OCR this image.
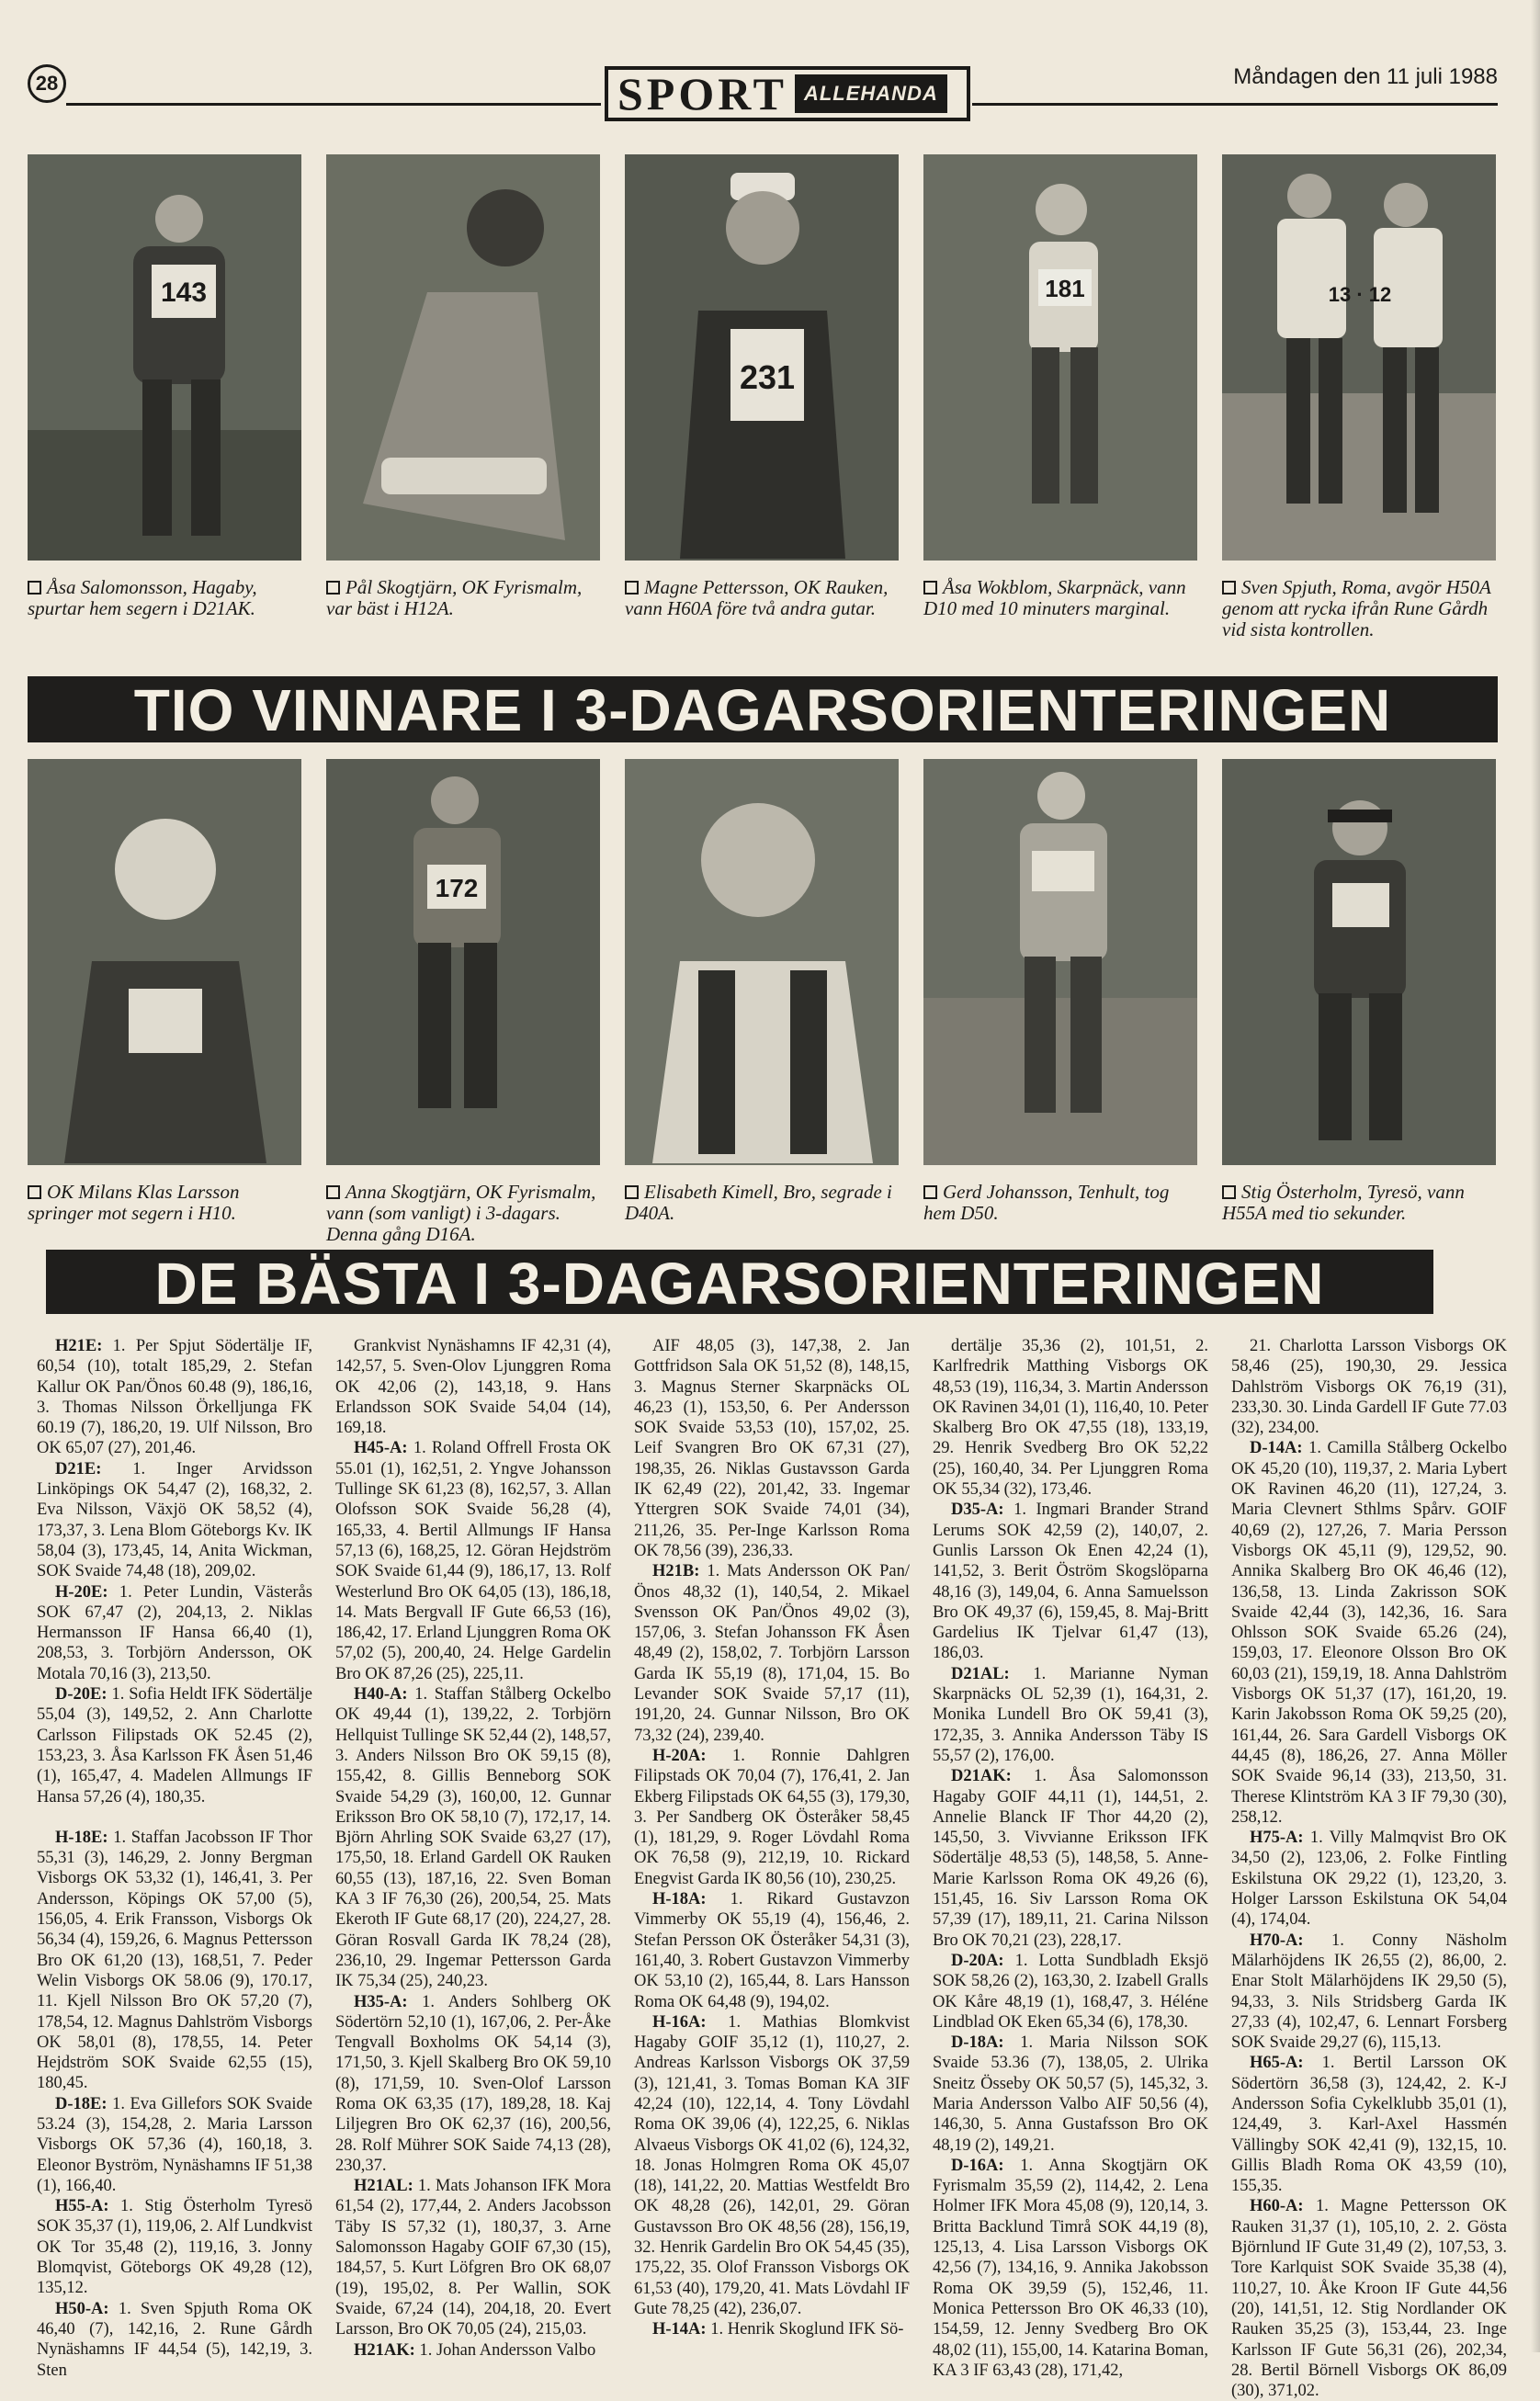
28	SPORT ALLEHANDA
Måndagen den 11 juli 1988
143
Åsa Salomonsson, Hagaby, spurtar hem segern i D21AK.
Pål Skogtjärn, OK Fyrismalm, var bäst i H12A.
231
Magne Pettersson, OK Rauken, vann H60A före två andra gutar.
181
Åsa Wokblom, Skarpnäck, vann D10 med 10 minuters marginal.
13 · 12
Sven Spjuth, Roma, avgör H50A genom att rycka ifrån Rune Gårdh vid sista kontrollen.
TIO VINNARE I 3-DAGARSORIENTERINGEN
OK Milans Klas Larsson springer mot segern i H10.
172
Anna Skogtjärn, OK Fyrismalm, vann (som vanligt) i 3-dagars. Denna gång D16A.
Elisabeth Kimell, Bro, segrade i D40A.
Gerd Johansson, Tenhult, tog hem D50.
Stig Österholm, Tyresö, vann H55A med tio sekunder.
DE BÄSTA I 3-DAGARSORIENTERINGEN

H21E: 1. Per Spjut Södertälje IF, 60,54 (10), totalt 185,29, 2. Stefan Kallur OK Pan/Önos 60.48 (9), 186,16, 3. Thomas Nilsson Örkelljunga FK 60.19 (7), 186,20, 19. Ulf Nilsson, Bro OK 65,07 (27), 201,46.

D21E: 1. Inger Arvidsson Linköpings OK 54,47 (2), 168,32, 2. Eva Nilsson, Växjö OK 58,52 (4), 173,37, 3. Lena Blom Göteborgs Kv. IK 58,04 (3), 173,45, 14, Anita Wickman, SOK Svaide 74,48 (18), 209,02.

H-20E: 1. Peter Lundin, Västerås SOK 67,47 (2), 204,13, 2. Niklas Hermansson IF Hansa 66,40 (1), 208,53, 3. Torbjörn Andersson, OK Motala 70,16 (3), 213,50.

D-20E: 1. Sofia Heldt IFK Södertälje 55,04 (3), 149,52, 2. Ann Charlotte Carlsson Filipstads OK 52.45 (2), 153,23, 3. Åsa Karlsson FK Åsen 51,46 (1), 165,47, 4. Madelen Allmungs IF Hansa 57,26 (4), 180,35.

H-18E: 1. Staffan Jacobsson IF Thor 55,31 (3), 146,29, 2. Jonny Bergman Visborgs OK 53,32 (1), 146,41, 3. Per Andersson, Köpings OK 57,00 (5), 156,05, 4. Erik Fransson, Visborgs Ok 56,34 (4), 159,26, 6. Magnus Pettersson Bro OK 61,20 (13), 168,51, 7. Peder Welin Visborgs OK 58.06 (9), 170.17, 11. Kjell Nilsson Bro OK 57,20 (7), 178,54, 12. Magnus Dahlström Visborgs OK 58,01 (8), 178,55, 14. Peter Hejdström SOK Svaide 62,55 (15), 180,45.

D-18E: 1. Eva Gillefors SOK Svaide 53.24 (3), 154,28, 2. Maria Larsson Visborgs OK 57,36 (4), 160,18, 3. Eleonor Byström, Nynäshamns IF 51,38 (1), 166,40.

H55-A: 1. Stig Österholm Tyresö SOK 35,37 (1), 119,06, 2. Alf Lundkvist OK Tor 35,48 (2), 119,16, 3. Jonny Blomqvist, Göteborgs OK 49,28 (12), 135,12.

H50-A: 1. Sven Spjuth Roma OK 46,40 (7), 142,16, 2. Rune Gårdh Nynäshamns IF 44,54 (5), 142,19, 3. Sten

Grankvist Nynäshamns IF 42,31 (4), 142,57, 5. Sven-Olov Ljunggren Roma OK 42,06 (2), 143,18, 9. Hans Erlandsson SOK Svaide 54,04 (14), 169,18.

H45-A: 1. Roland Offrell Frosta OK 55.01 (1), 162,51, 2. Yngve Johansson Tullinge SK 61,23 (8), 162,57, 3. Allan Olofsson SOK Svaide 56,28 (4), 165,33, 4. Bertil Allmungs IF Hansa 57,13 (6), 168,25, 12. Göran Hejdström SOK Svaide 61,44 (9), 186,17, 13. Rolf Westerlund Bro OK 64,05 (13), 186,18, 14. Mats Bergvall IF Gute 66,53 (16), 186,42, 17. Erland Ljunggren Roma OK 57,02 (5), 200,40, 24. Helge Gardelin Bro OK 87,26 (25), 225,11.

H40-A: 1. Staffan Stålberg Ockelbo OK 49,44 (1), 139,22, 2. Torbjörn Hellquist Tullinge SK 52,44 (2), 148,57, 3. Anders Nilsson Bro OK 59,15 (8), 155,42, 8. Gillis Benneborg SOK Svaide 54,29 (3), 160,00, 12. Gunnar Eriksson Bro OK 58,10 (7), 172,17, 14. Björn Ahrling SOK Svaide 63,27 (17), 175,50, 18. Erland Gardell OK Rauken 60,55 (13), 187,16, 22. Sven Boman KA 3 IF 76,30 (26), 200,54, 25. Mats Ekeroth IF Gute 68,17 (20), 224,27, 28. Göran Rosvall Garda IK 78,24 (28), 236,10, 29. Ingemar Pettersson Garda IK 75,34 (25), 240,23.

H35-A: 1. Anders Sohlberg OK Södertörn 52,10 (1), 167,06, 2. Per-Åke Tengvall Boxholms OK 54,14 (3), 171,50, 3. Kjell Skalberg Bro OK 59,10 (8), 171,59, 10. Sven-Olof Larsson Roma OK 63,35 (17), 189,28, 18. Kaj Liljegren Bro OK 62,37 (16), 200,56, 28. Rolf Mührer SOK Saide 74,13 (28), 230,37.

H21AL: 1. Mats Johanson IFK Mora 61,54 (2), 177,44, 2. Anders Jacobsson Täby IS 57,32 (1), 180,37, 3. Arne Salomonsson Hagaby GOIF 67,30 (15), 184,57, 5. Kurt Löfgren Bro OK 68,07 (19), 195,02, 8. Per Wallin, SOK Svaide, 67,24 (14), 204,18, 20. Evert Larsson, Bro OK 70,05 (24), 215,03.

H21AK: 1. Johan Andersson Valbo

AIF 48,05 (3), 147,38, 2. Jan Gottfridson Sala OK 51,52 (8), 148,15, 3. Magnus Sterner Skarpnäcks OL 46,23 (1), 153,50, 6. Per Andersson SOK Svaide 53,53 (10), 157,02, 25. Leif Svangren Bro OK 67,31 (27), 198,35, 26. Niklas Gustavsson Garda IK 62,49 (22), 201,42, 33. Ingemar Yttergren SOK Svaide 74,01 (34), 211,26, 35. Per-Inge Karlsson Roma OK 78,56 (39), 236,33.

H21B: 1. Mats Andersson OK Pan/Önos 48,32 (1), 140,54, 2. Mikael Svensson OK Pan/Önos 49,02 (3), 157,06, 3. Stefan Johansson FK Åsen 48,49 (2), 158,02, 7. Torbjörn Larsson Garda IK 55,19 (8), 171,04, 15. Bo Levander SOK Svaide 57,17 (11), 191,20, 24. Gunnar Nilsson, Bro OK 73,32 (24), 239,40.

H-20A: 1. Ronnie Dahlgren Filipstads OK 70,04 (7), 176,41, 2. Jan Ekberg Filipstads OK 64,55 (3), 179,30, 3. Per Sandberg OK Österåker 58,45 (1), 181,29, 9. Roger Lövdahl Roma OK 76,58 (9), 212,19, 10. Rickard Enegvist Garda IK 80,56 (10), 230,25.

H-18A: 1. Rikard Gustavzon Vimmerby OK 55,19 (4), 156,46, 2. Stefan Persson OK Österåker 54,31 (3), 161,40, 3. Robert Gustavzon Vimmerby OK 53,10 (2), 165,44, 8. Lars Hansson Roma OK 64,48 (9), 194,02.

H-16A: 1. Mathias Blomkvist Hagaby GOIF 35,12 (1), 110,27, 2. Andreas Karlsson Visborgs OK 37,59 (3), 121,41, 3. Tomas Boman KA 3IF 42,24 (10), 122,14, 4. Tony Lövdahl Roma OK 39,06 (4), 122,25, 6. Niklas Alvaeus Visborgs OK 41,02 (6), 124,32, 18. Jonas Holmgren Roma OK 45,07 (18), 141,22, 20. Mattias Westfeldt Bro OK 48,28 (26), 142,01, 29. Göran Gustavsson Bro OK 48,56 (28), 156,19, 32. Henrik Gardelin Bro OK 54,45 (35), 175,22, 35. Olof Fransson Visborgs OK 61,53 (40), 179,20, 41. Mats Lövdahl IF Gute 78,25 (42), 236,07.

H-14A: 1. Henrik Skoglund IFK Sö-

dertälje 35,36 (2), 101,51, 2. Karlfredrik Matthing Visborgs OK 48,53 (19), 116,34, 3. Martin Andersson OK Ravinen 34,01 (1), 116,40, 10. Peter Skalberg Bro OK 47,55 (18), 133,19, 29. Henrik Svedberg Bro OK 52,22 (25), 160,40, 34. Per Ljunggren Roma OK 55,34 (32), 173,46.

D35-A: 1. Ingmari Brander Strand Lerums SOK 42,59 (2), 140,07, 2. Gunlis Larsson Ok Enen 42,24 (1), 141,52, 3. Berit Öström Skogslöparna 48,16 (3), 149,04, 6. Anna Samuelsson Bro OK 49,37 (6), 159,45, 8. Maj-Britt Gardelius IK Tjelvar 61,47 (13), 186,03.

D21AL: 1. Marianne Nyman Skarpnäcks OL 52,39 (1), 164,31, 2. Monika Lundell Bro OK 59,41 (3), 172,35, 3. Annika Andersson Täby IS 55,57 (2), 176,00.

D21AK: 1. Åsa Salomonsson Hagaby GOIF 44,11 (1), 144,51, 2. Annelie Blanck IF Thor 44,20 (2), 145,50, 3. Vivvianne Eriksson IFK Södertälje 48,53 (5), 148,58, 5. Anne-Marie Karlsson Roma OK 49,26 (6), 151,45, 16. Siv Larsson Roma OK 57,39 (17), 189,11, 21. Carina Nilsson Bro OK 70,21 (23), 228,17.

D-20A: 1. Lotta Sundbladh Eksjö SOK 58,26 (2), 163,30, 2. Izabell Gralls OK Kåre 48,19 (1), 168,47, 3. Héléne Lindblad OK Eken 65,34 (6), 178,30.

D-18A: 1. Maria Nilsson SOK Svaide 53.36 (7), 138,05, 2. Ulrika Sneitz Össeby OK 50,57 (5), 145,32, 3. Maria Andersson Valbo AIF 50,56 (4), 146,30, 5. Anna Gustafsson Bro OK 48,19 (2), 149,21.

D-16A: 1. Anna Skogtjärn OK Fyrismalm 35,59 (2), 114,42, 2. Lena Holmer IFK Mora 45,08 (9), 120,14, 3. Britta Backlund Timrå SOK 44,19 (8), 125,13, 4. Lisa Larsson Visborgs OK 42,56 (7), 134,16, 9. Annika Jakobsson Roma OK 39,59 (5), 152,46, 11. Monica Pettersson Bro OK 46,33 (10), 154,59, 12. Jenny Svedberg Bro OK 48,02 (11), 155,00, 14. Katarina Boman, KA 3 IF 63,43 (28), 171,42,

21. Charlotta Larsson Visborgs OK 58,46 (25), 190,30, 29. Jessica Dahlström Visborgs OK 76,19 (31), 233,30. 30. Linda Gardell IF Gute 77.03 (32), 234,00.

D-14A: 1. Camilla Stålberg Ockelbo OK 45,20 (10), 119,37, 2. Maria Lybert OK Ravinen 46,20 (11), 127,24, 3. Maria Clevnert Sthlms Spårv. GOIF 40,69 (2), 127,26, 7. Maria Persson Visborgs OK 45,11 (9), 129,52, 90. Annika Skalberg Bro OK 46,46 (12), 136,58, 13. Linda Zakrisson SOK Svaide 42,44 (3), 142,36, 16. Sara Ohlsson SOK Svaide 65.26 (24), 159,03, 17. Eleonore Olsson Bro OK 60,03 (21), 159,19, 18. Anna Dahlström Visborgs OK 51,37 (17), 161,20, 19. Karin Jakobsson Roma OK 59,25 (20), 161,44, 26. Sara Gardell Visborgs OK 44,45 (8), 186,26, 27. Anna Möller SOK Svaide 96,14 (33), 213,50, 31. Therese Klintström KA 3 IF 79,30 (30), 258,12.

H75-A: 1. Villy Malmqvist Bro OK 34,50 (2), 123,06, 2. Folke Fintling Eskilstuna OK 29,22 (1), 123,20, 3. Holger Larsson Eskilstuna OK 54,04 (4), 174,04.

H70-A: 1. Conny Näsholm Mälarhöjdens IK 26,55 (2), 86,00, 2. Enar Stolt Mälarhöjdens IK 29,50 (5), 94,33, 3. Nils Stridsberg Garda IK 27,33 (4), 102,47, 6. Lennart Forsberg SOK Svaide 29,27 (6), 115,13.

H65-A: 1. Bertil Larsson OK Södertörn 36,58 (3), 124,42, 2. K-J Andersson Sofia Cykelklubb 35,01 (1), 124,49, 3. Karl-Axel Hassmén Vällingby SOK 42,41 (9), 132,15, 10. Gillis Bladh Roma OK 43,59 (10), 155,35.

H60-A: 1. Magne Pettersson OK Rauken 31,37 (1), 105,10, 2. 2. Gösta Björnlund IF Gute 31,49 (2), 107,53, 3. Tore Karlquist SOK Svaide 35,38 (4), 110,27, 10. Åke Kroon IF Gute 44,56 (20), 141,51, 12. Stig Nordlander OK Rauken 35,25 (3), 153,44, 23. Inge Karlsson IF Gute 56,31 (26), 202,34, 28. Bertil Börnell Visborgs OK 86,09 (30), 371,02.
